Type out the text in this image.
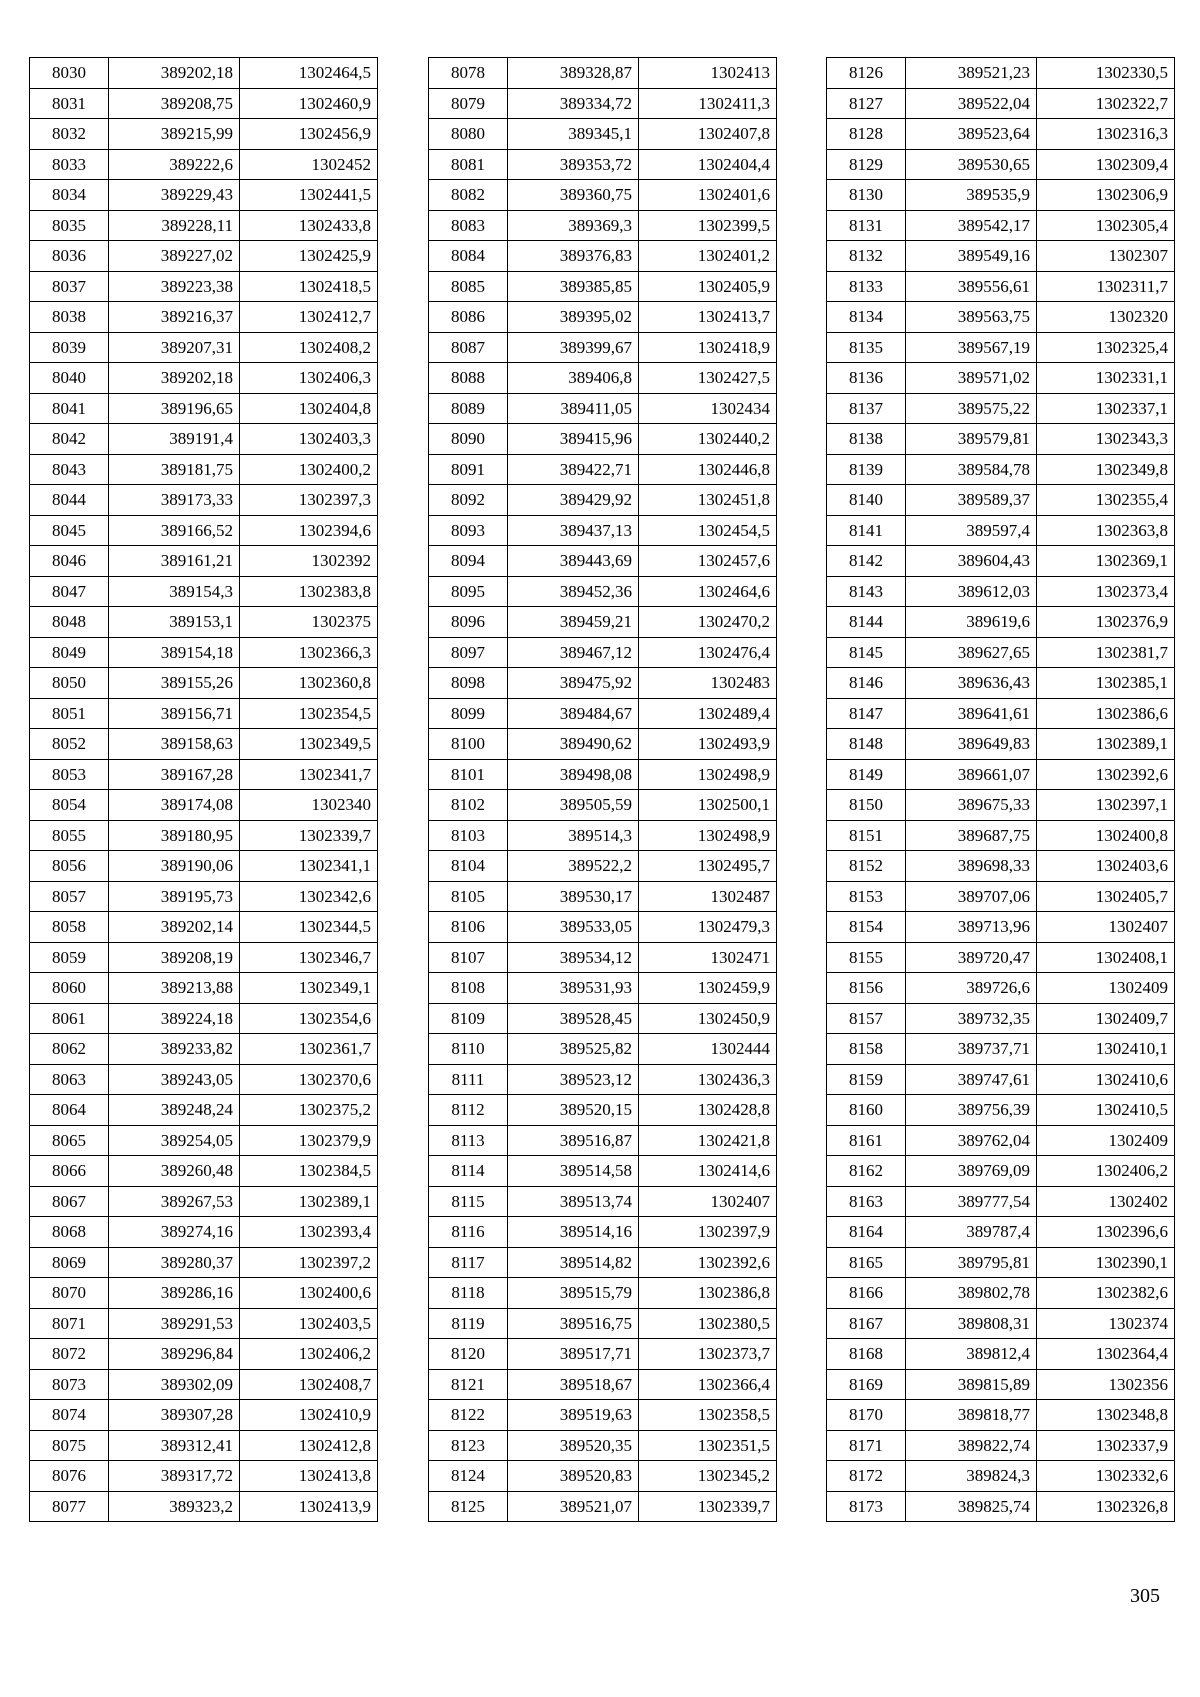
8030	389202,18	1302464,5
8031	389208,75	1302460,9
8032	389215,99	1302456,9
8033	389222,6	1302452
8034	389229,43	1302441,5
8035	389228,11	1302433,8
8036	389227,02	1302425,9
8037	389223,38	1302418,5
8038	389216,37	1302412,7
8039	389207,31	1302408,2
8040	389202,18	1302406,3
8041	389196,65	1302404,8
8042	389191,4	1302403,3
8043	389181,75	1302400,2
8044	389173,33	1302397,3
8045	389166,52	1302394,6
8046	389161,21	1302392
8047	389154,3	1302383,8
8048	389153,1	1302375
8049	389154,18	1302366,3
8050	389155,26	1302360,8
8051	389156,71	1302354,5
8052	389158,63	1302349,5
8053	389167,28	1302341,7
8054	389174,08	1302340
8055	389180,95	1302339,7
8056	389190,06	1302341,1
8057	389195,73	1302342,6
8058	389202,14	1302344,5
8059	389208,19	1302346,7
8060	389213,88	1302349,1
8061	389224,18	1302354,6
8062	389233,82	1302361,7
8063	389243,05	1302370,6
8064	389248,24	1302375,2
8065	389254,05	1302379,9
8066	389260,48	1302384,5
8067	389267,53	1302389,1
8068	389274,16	1302393,4
8069	389280,37	1302397,2
8070	389286,16	1302400,6
8071	389291,53	1302403,5
8072	389296,84	1302406,2
8073	389302,09	1302408,7
8074	389307,28	1302410,9
8075	389312,41	1302412,8
8076	389317,72	1302413,8
8077	389323,2	1302413,9
8078	389328,87	1302413
8079	389334,72	1302411,3
8080	389345,1	1302407,8
8081	389353,72	1302404,4
8082	389360,75	1302401,6
8083	389369,3	1302399,5
8084	389376,83	1302401,2
8085	389385,85	1302405,9
8086	389395,02	1302413,7
8087	389399,67	1302418,9
8088	389406,8	1302427,5
8089	389411,05	1302434
8090	389415,96	1302440,2
8091	389422,71	1302446,8
8092	389429,92	1302451,8
8093	389437,13	1302454,5
8094	389443,69	1302457,6
8095	389452,36	1302464,6
8096	389459,21	1302470,2
8097	389467,12	1302476,4
8098	389475,92	1302483
8099	389484,67	1302489,4
8100	389490,62	1302493,9
8101	389498,08	1302498,9
8102	389505,59	1302500,1
8103	389514,3	1302498,9
8104	389522,2	1302495,7
8105	389530,17	1302487
8106	389533,05	1302479,3
8107	389534,12	1302471
8108	389531,93	1302459,9
8109	389528,45	1302450,9
8110	389525,82	1302444
8111	389523,12	1302436,3
8112	389520,15	1302428,8
8113	389516,87	1302421,8
8114	389514,58	1302414,6
8115	389513,74	1302407
8116	389514,16	1302397,9
8117	389514,82	1302392,6
8118	389515,79	1302386,8
8119	389516,75	1302380,5
8120	389517,71	1302373,7
8121	389518,67	1302366,4
8122	389519,63	1302358,5
8123	389520,35	1302351,5
8124	389520,83	1302345,2
8125	389521,07	1302339,7
8126	389521,23	1302330,5
8127	389522,04	1302322,7
8128	389523,64	1302316,3
8129	389530,65	1302309,4
8130	389535,9	1302306,9
8131	389542,17	1302305,4
8132	389549,16	1302307
8133	389556,61	1302311,7
8134	389563,75	1302320
8135	389567,19	1302325,4
8136	389571,02	1302331,1
8137	389575,22	1302337,1
8138	389579,81	1302343,3
8139	389584,78	1302349,8
8140	389589,37	1302355,4
8141	389597,4	1302363,8
8142	389604,43	1302369,1
8143	389612,03	1302373,4
8144	389619,6	1302376,9
8145	389627,65	1302381,7
8146	389636,43	1302385,1
8147	389641,61	1302386,6
8148	389649,83	1302389,1
8149	389661,07	1302392,6
8150	389675,33	1302397,1
8151	389687,75	1302400,8
8152	389698,33	1302403,6
8153	389707,06	1302405,7
8154	389713,96	1302407
8155	389720,47	1302408,1
8156	389726,6	1302409
8157	389732,35	1302409,7
8158	389737,71	1302410,1
8159	389747,61	1302410,6
8160	389756,39	1302410,5
8161	389762,04	1302409
8162	389769,09	1302406,2
8163	389777,54	1302402
8164	389787,4	1302396,6
8165	389795,81	1302390,1
8166	389802,78	1302382,6
8167	389808,31	1302374
8168	389812,4	1302364,4
8169	389815,89	1302356
8170	389818,77	1302348,8
8171	389822,74	1302337,9
8172	389824,3	1302332,6
8173	389825,74	1302326,8
305
